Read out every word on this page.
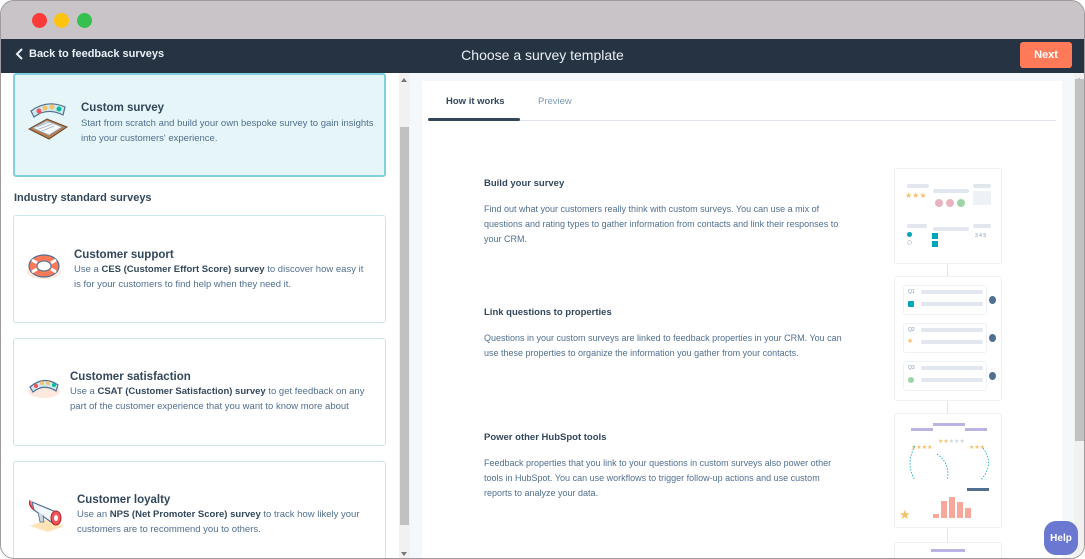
Back to feedback surveys	Choose a survey template	Next
Custom survey
Start from scratch and build your own bespoke survey to gain insights into your customers' experience.
Industry standard surveys
Customer support
Use a CES (Customer Effort Score) survey to discover how easy it is for your customers to find help when they need it.
Customer satisfaction
Use a CSAT (Customer Satisfaction) survey to get feedback on any part of the customer experience that you want to know more about
Customer loyalty
Use an NPS (Net Promoter Score) survey to track how likely your customers are to recommend you to others.
How it works	Preview
Build your survey

Find out what your customers really think with custom surveys. You can use a mix of questions and rating types to gather information from contacts and link their responses to your CRM.

Link questions to properties

Questions in your custom surveys are linked to feedback properties in your CRM. You can use these properties to organize the information you gather from your contacts.

Power other HubSpot tools

Feedback properties that you link to your questions in custom surveys also power other tools in HubSpot. You can use workflows to trigger follow-up actions and use custom reports to analyze your data.

★★★
3 4 5
Q1
Q2
★
Q3
★★★★
★★★★★
★★★
★
Help
